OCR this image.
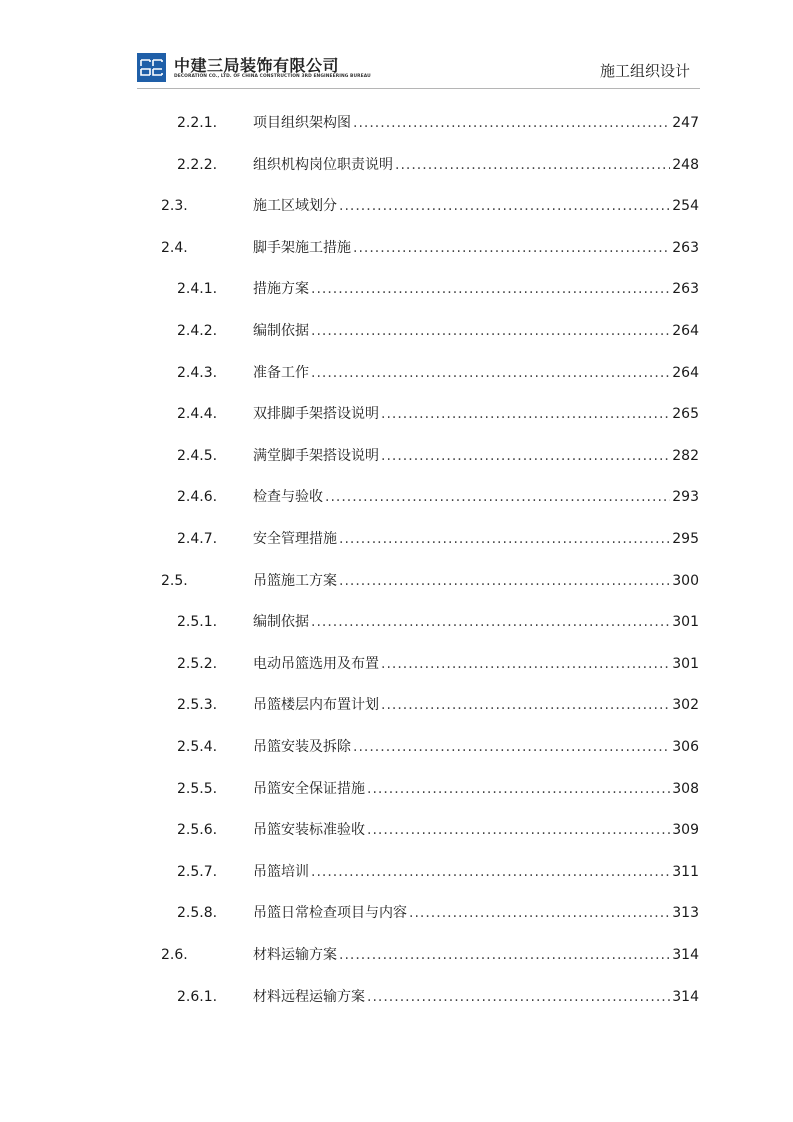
中建三局装饰有限公司
DECORATION CO., LTD. OF CHINA CONSTRUCTION 3RD ENGINEERING BUREAU	施工组织设计
2.2.1.	项目组织架构图 .....	247
2.2.2.	组织机构岗位职责说明 .....	248
2.3.	施工区域划分 .....	254
2.4.	脚手架施工措施 .....	263
2.4.1.	措施方案 .....	263
2.4.2.	编制依据 .....	264
2.4.3.	准备工作 .....	264
2.4.4.	双排脚手架搭设说明 .....	265
2.4.5.	满堂脚手架搭设说明 .....	282
2.4.6.	检查与验收 .....	293
2.4.7.	安全管理措施 .....	295
2.5.	吊篮施工方案 .....	300
2.5.1.	编制依据 .....	301
2.5.2.	电动吊篮选用及布置 .....	301
2.5.3.	吊篮楼层内布置计划 .....	302
2.5.4.	吊篮安装及拆除 .....	306
2.5.5.	吊篮安全保证措施 .....	308
2.5.6.	吊篮安装标准验收 .....	309
2.5.7.	吊篮培训 .....	311
2.5.8.	吊篮日常检查项目与内容 .....	313
2.6.	材料运输方案 .....	314
2.6.1.	材料远程运输方案 .....	314
